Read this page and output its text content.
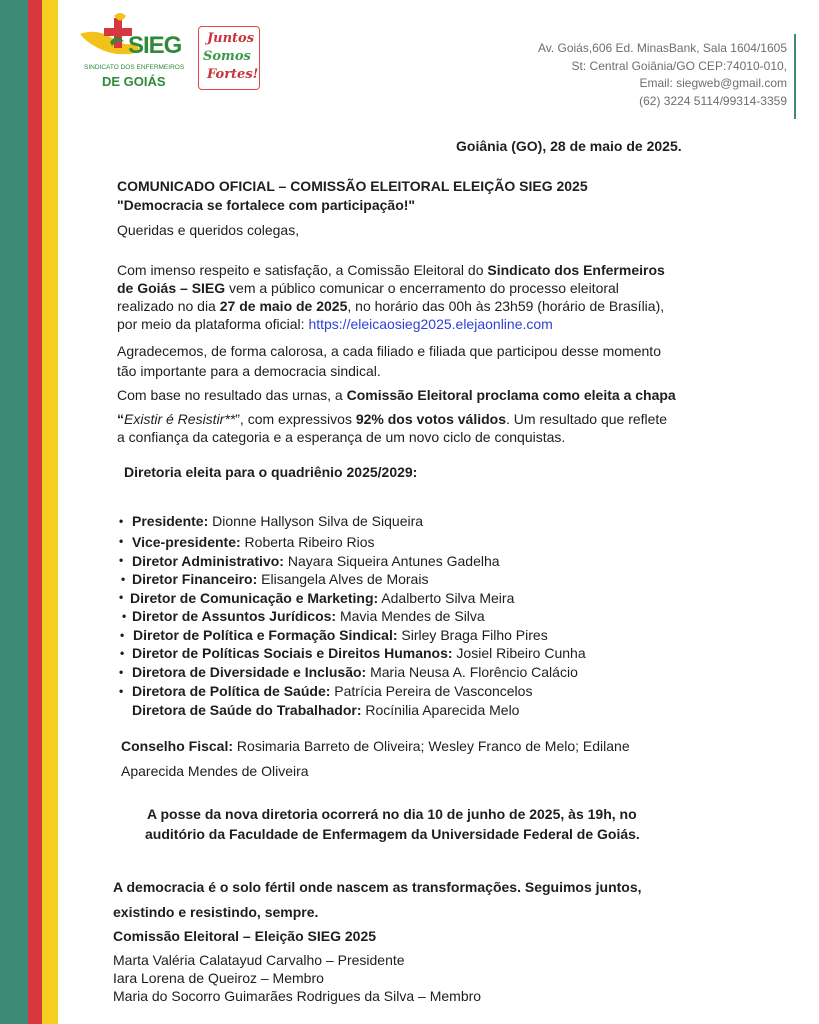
SIEG
SINDICATO DOS ENFERMEIROS
DE GOIÁS
Juntos
Somos
Fortes!
Av. Goiás,606 Ed. MinasBank, Sala 1604/1605
St: Central Goiânia/GO CEP:74010-010,
Email: siegweb@gmail.com
(62) 3224 5114/99314-3359
Goiânia (GO), 28 de maio de 2025.
COMUNICADO OFICIAL – COMISSÃO ELEITORAL ELEIÇÃO SIEG 2025
"Democracia se fortalece com participação!"
Queridas e queridos colegas,
Com imenso respeito e satisfação, a Comissão Eleitoral do Sindicato dos Enfermeiros
de Goiás – SIEG vem a público comunicar o encerramento do processo eleitoral
realizado no dia 27 de maio de 2025, no horário das 00h às 23h59 (horário de Brasília),
por meio da plataforma oficial: https://eleicaosieg2025.elejaonline.com
Agradecemos, de forma calorosa, a cada filiado e filiada que participou desse momento
tão importante para a democracia sindical.
Com base no resultado das urnas, a Comissão Eleitoral proclama como eleita a chapa
“Existir é Resistir**”, com expressivos 92% dos votos válidos. Um resultado que reflete
a confiança da categoria e a esperança de um novo ciclo de conquistas.
Diretoria eleita para o quadriênio 2025/2029:
• Presidente: Dionne Hallyson Silva de Siqueira
• Vice-presidente: Roberta Ribeiro Rios
• Diretor Administrativo: Nayara Siqueira Antunes Gadelha
• Diretor Financeiro: Elisangela Alves de Morais
• Diretor de Comunicação e Marketing: Adalberto Silva Meira
• Diretor de Assuntos Jurídicos: Mavia Mendes de Silva
• Diretor de Política e Formação Sindical: Sirley Braga Filho Pires
• Diretor de Políticas Sociais e Direitos Humanos: Josiel Ribeiro Cunha
• Diretora de Diversidade e Inclusão: Maria Neusa A. Florêncio Calácio
• Diretora de Política de Saúde: Patrícia Pereira de Vasconcelos
Diretora de Saúde do Trabalhador: Rocínilia Aparecida Melo
Conselho Fiscal: Rosimaria Barreto de Oliveira; Wesley Franco de Melo; Edilane
Aparecida Mendes de Oliveira
A posse da nova diretoria ocorrerá no dia 10 de junho de 2025, às 19h, no
auditório da Faculdade de Enfermagem da Universidade Federal de Goiás.
A democracia é o solo fértil onde nascem as transformações. Seguimos juntos,
existindo e resistindo, sempre.
Comissão Eleitoral – Eleição SIEG 2025
Marta Valéria Calatayud Carvalho – Presidente
Iara Lorena de Queiroz – Membro
Maria do Socorro Guimarães Rodrigues da Silva – Membro
